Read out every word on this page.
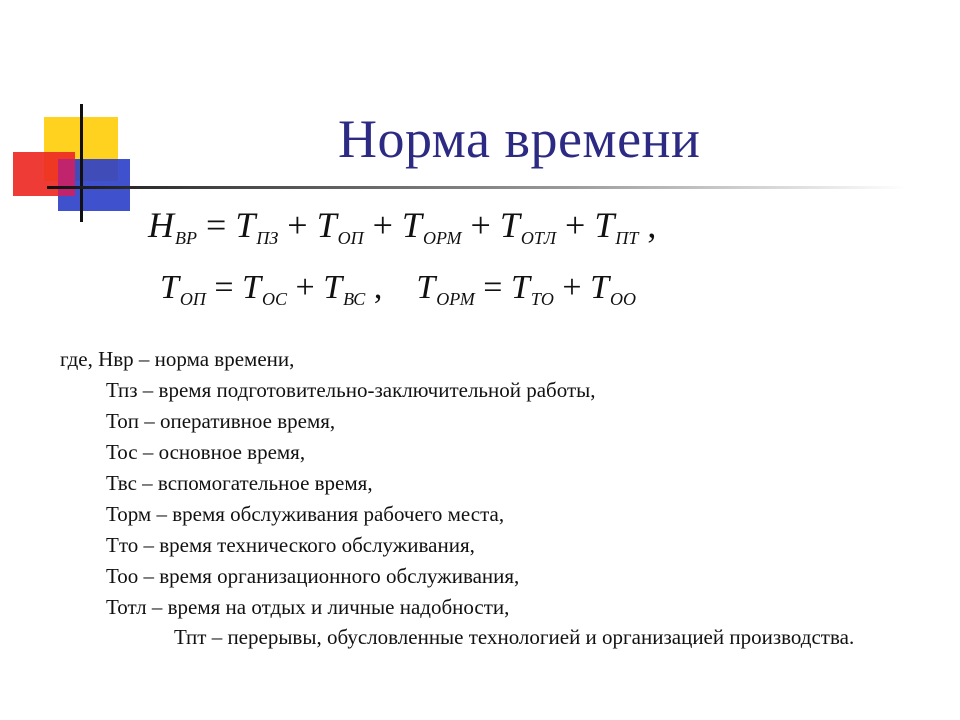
Норма времени
$Н_{ВР} = Т_{ПЗ} + Т_{ОП} + Т_{ОРМ} + Т_{ОТЛ} + Т_{ПТ}$ ,
$Т_{ОП} = Т_{ОС} + Т_{ВС}$ ,    $Т_{ОРМ} = Т_{ТО} + Т_{ОО}$
где, Нвр – норма времени,
Тпз – время подготовительно-заключительной работы,
Топ – оперативное время,
Тос – основное время,
Твс – вспомогательное время,
Торм – время обслуживания рабочего места,
Тто – время технического обслуживания,
Тоо – время организационного обслуживания,
Тотл – время на отдых и личные надобности,
Тпт – перерывы, обусловленные технологией и организацией производства.
